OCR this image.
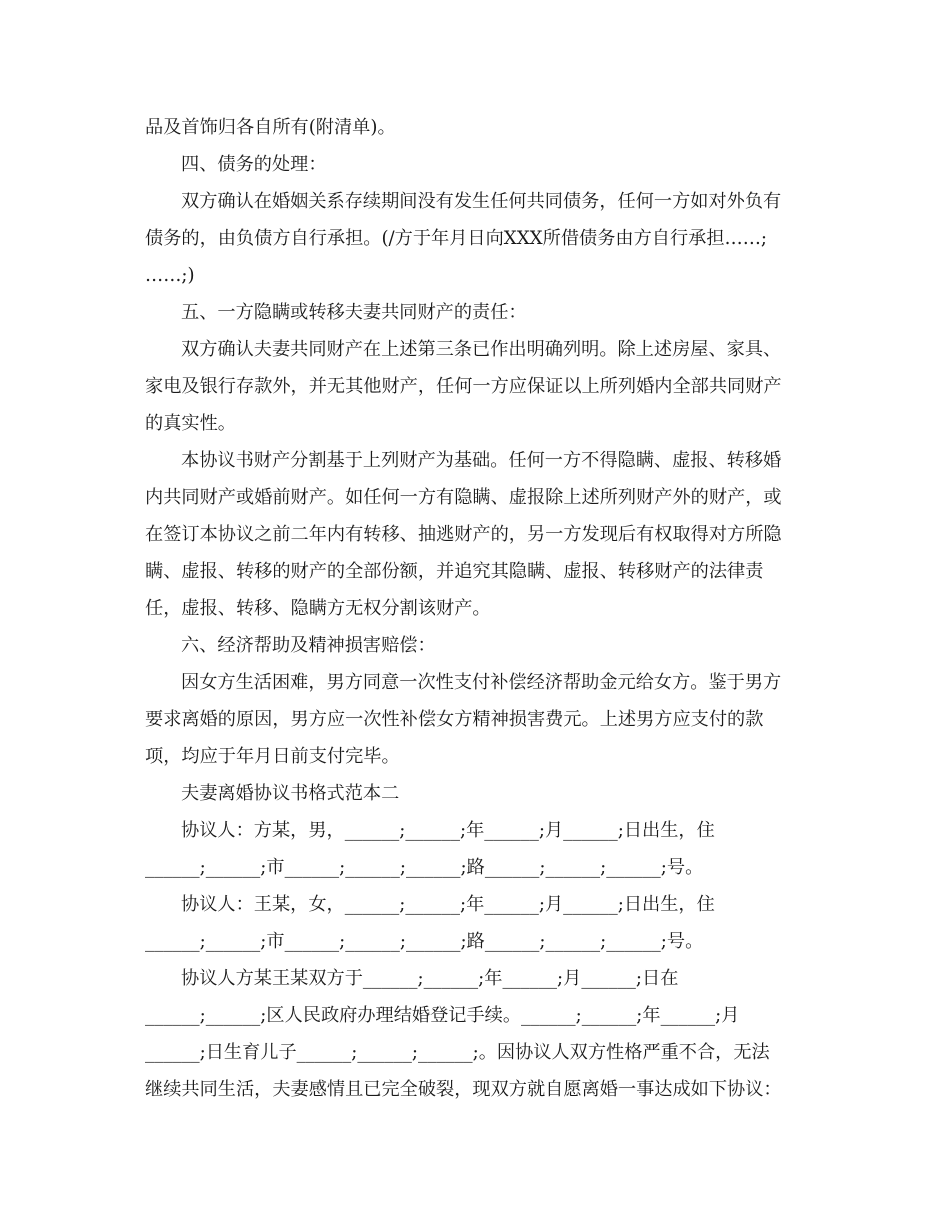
品及首饰归各自所有(附清单)。
四、债务的处理：
双方确认在婚姻关系存续期间没有发生任何共同债务，任何一方如对外负有
债务的，由负债方自行承担。(/方于年月日向XXX所借债务由方自行承担……;
……;)
五、一方隐瞒或转移夫妻共同财产的责任：
双方确认夫妻共同财产在上述第三条已作出明确列明。除上述房屋、家具、
家电及银行存款外，并无其他财产，任何一方应保证以上所列婚内全部共同财产
的真实性。
本协议书财产分割基于上列财产为基础。任何一方不得隐瞒、虚报、转移婚
内共同财产或婚前财产。如任何一方有隐瞒、虚报除上述所列财产外的财产，或
在签订本协议之前二年内有转移、抽逃财产的，另一方发现后有权取得对方所隐
瞒、虚报、转移的财产的全部份额，并追究其隐瞒、虚报、转移财产的法律责
任，虚报、转移、隐瞒方无权分割该财产。
六、经济帮助及精神损害赔偿：
因女方生活困难，男方同意一次性支付补偿经济帮助金元给女方。鉴于男方
要求离婚的原因，男方应一次性补偿女方精神损害费元。上述男方应支付的款
项，均应于年月日前支付完毕。
夫妻离婚协议书格式范本二
协议人：方某，男，______;______;年______;月______;日出生，住
______;______;市______;______;______;路______;______;______;号。
协议人：王某，女，______;______;年______;月______;日出生，住
______;______;市______;______;______;路______;______;______;号。
协议人方某王某双方于______;______;年______;月______;日在
______;______;区人民政府办理结婚登记手续。______;______;年______;月
______;日生育儿子______;______;______;。因协议人双方性格严重不合，无法
继续共同生活，夫妻感情且已完全破裂，现双方就自愿离婚一事达成如下协议：
